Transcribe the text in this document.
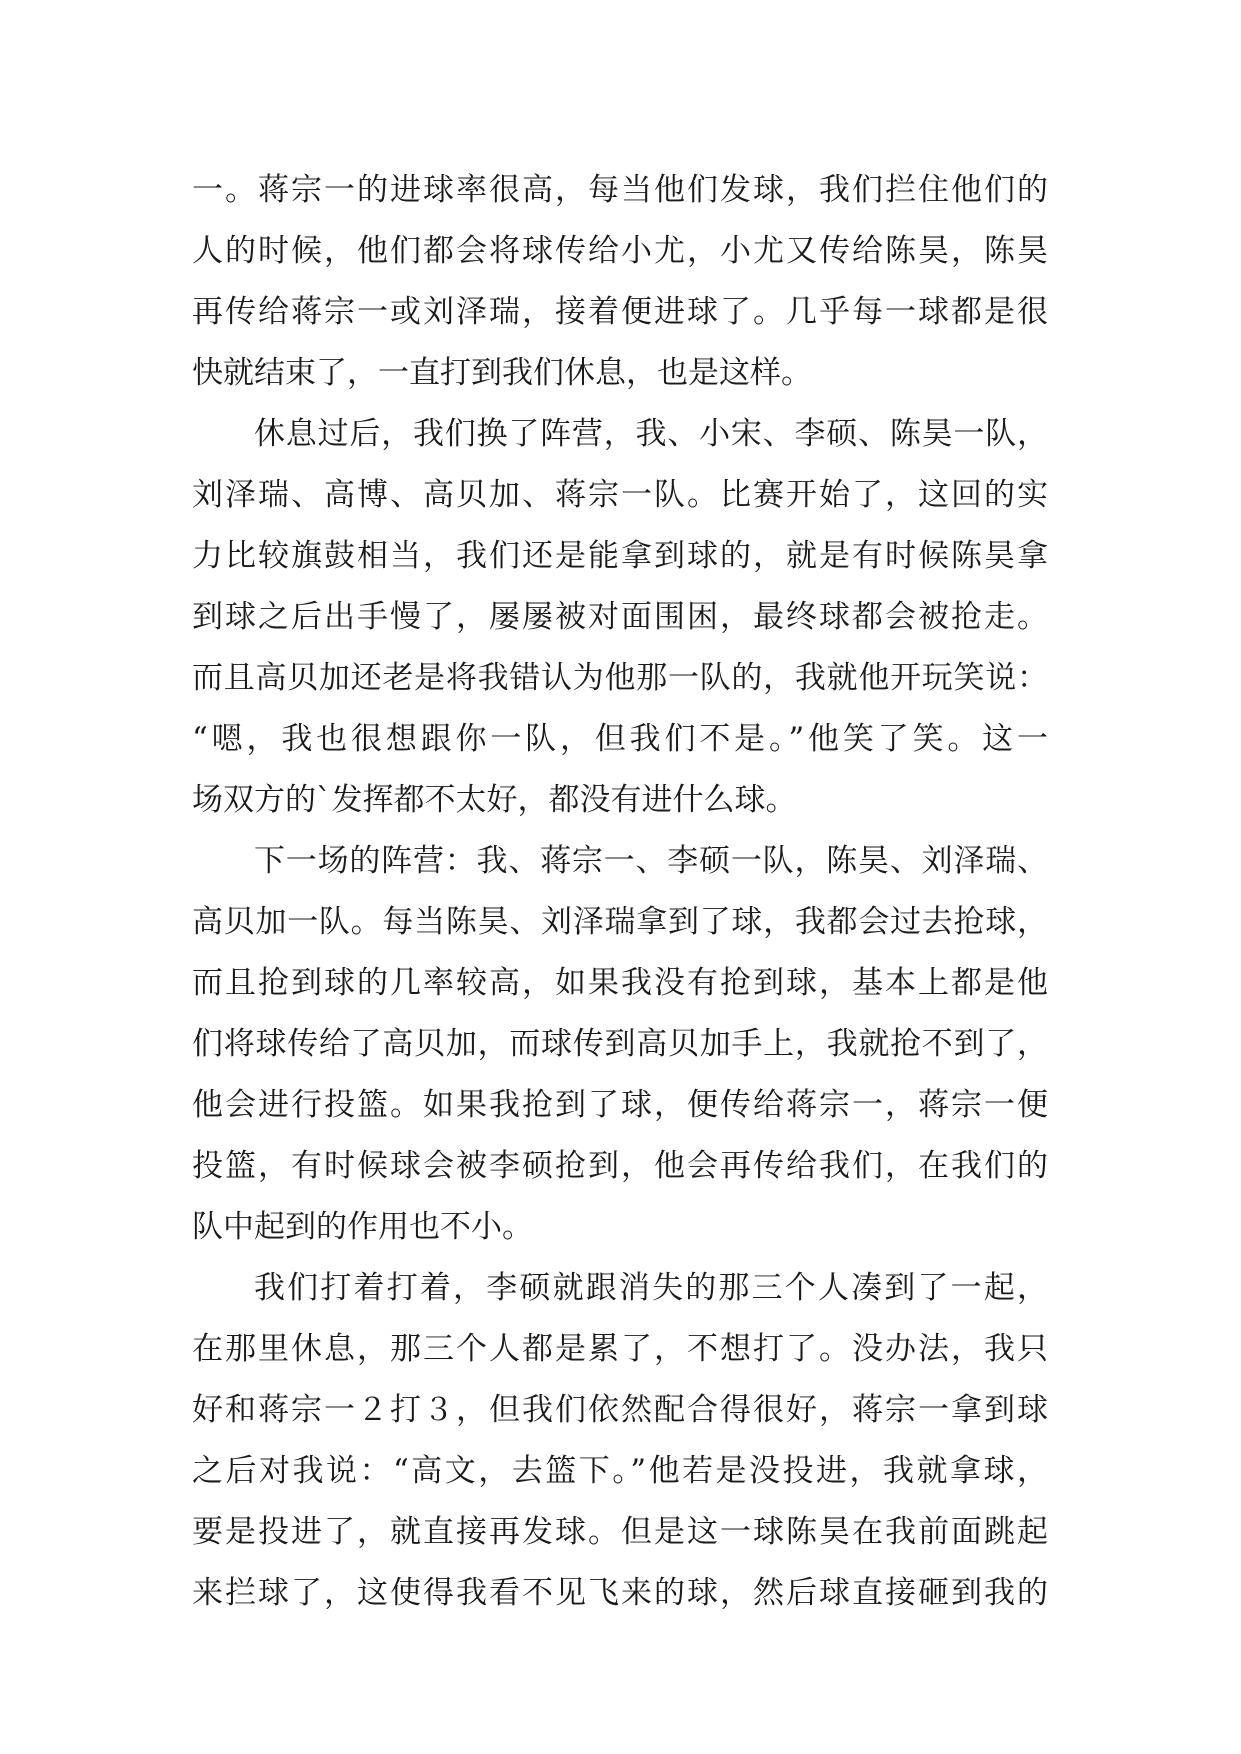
一。蒋宗一的进球率很高，每当他们发球，我们拦住他们的
人的时候，他们都会将球传给小尤，小尤又传给陈昊，陈昊
再传给蒋宗一或刘泽瑞，接着便进球了。几乎每一球都是很
快就结束了，一直打到我们休息，也是这样。
休息过后，我们换了阵营，我、小宋、李硕、陈昊一队，
刘泽瑞、高博、高贝加、蒋宗一队。比赛开始了，这回的实
力比较旗鼓相当，我们还是能拿到球的，就是有时候陈昊拿
到球之后出手慢了，屡屡被对面围困，最终球都会被抢走。
而且高贝加还老是将我错认为他那一队的，我就他开玩笑说：
“嗯，我也很想跟你一队，但我们不是。”他笑了笑。这一
场双方的`发挥都不太好，都没有进什么球。
下一场的阵营：我、蒋宗一、李硕一队，陈昊、刘泽瑞、
高贝加一队。每当陈昊、刘泽瑞拿到了球，我都会过去抢球，
而且抢到球的几率较高，如果我没有抢到球，基本上都是他
们将球传给了高贝加，而球传到高贝加手上，我就抢不到了，
他会进行投篮。如果我抢到了球，便传给蒋宗一，蒋宗一便
投篮，有时候球会被李硕抢到，他会再传给我们，在我们的
队中起到的作用也不小。
我们打着打着，李硕就跟消失的那三个人凑到了一起，
在那里休息，那三个人都是累了，不想打了。没办法，我只
好和蒋宗一２打３，但我们依然配合得很好，蒋宗一拿到球
之后对我说：“高文，去篮下。”他若是没投进，我就拿球，
要是投进了，就直接再发球。但是这一球陈昊在我前面跳起
来拦球了，这使得我看不见飞来的球，然后球直接砸到我的
